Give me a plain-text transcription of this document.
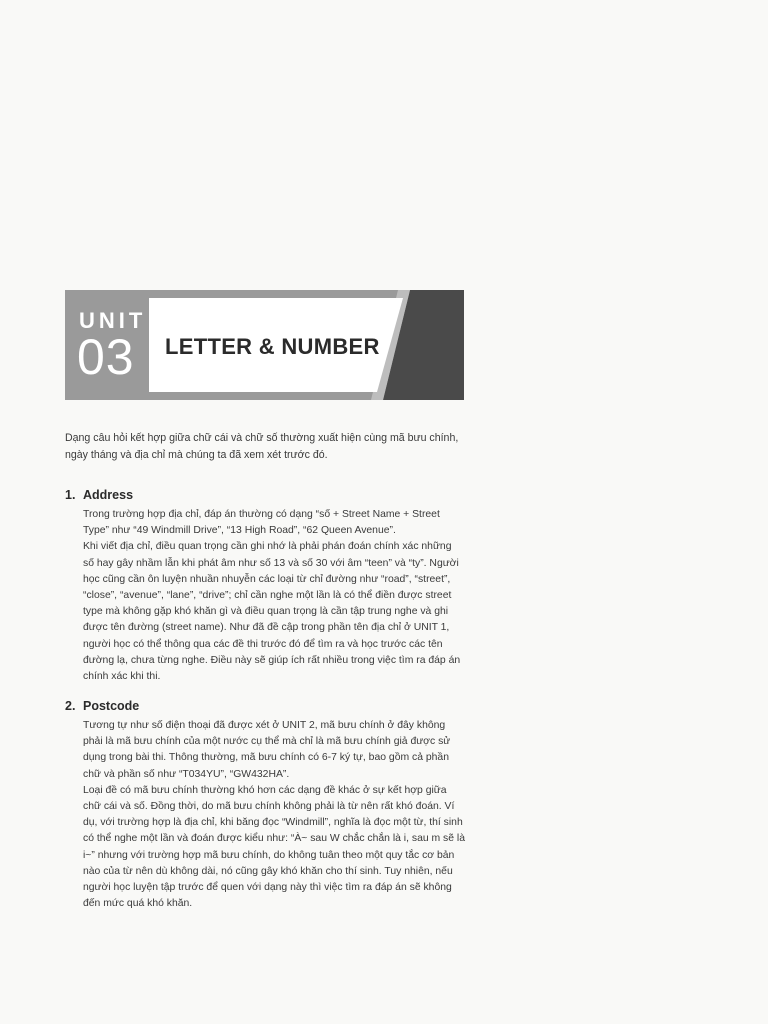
UNIT
03 LETTER & NUMBER

Dạng câu hỏi kết hợp giữa chữ cái và chữ số thường xuất hiện cùng mã bưu chính, ngày tháng và địa chỉ mà chúng ta đã xem xét trước đó.

1. Address

Trong trường hợp địa chỉ, đáp án thường có dạng “số + Street Name + Street Type” như “49 Windmill Drive”, “13 High Road”, “62 Queen Avenue”.

Khi viết địa chỉ, điều quan trọng cần ghi nhớ là phải phán đoán chính xác những số hay gây nhầm lẫn khi phát âm như số 13 và số 30 với âm “teen” và “ty”. Người học cũng cần ôn luyện nhuần nhuyễn các loại từ chỉ đường như “road”, “street”, “close”, “avenue”, “lane”, “drive”; chỉ cần nghe một lần là có thể điền được street type mà không gặp khó khăn gì và điều quan trọng là cần tập trung nghe và ghi được tên đường (street name). Như đã đề cập trong phần tên địa chỉ ở UNIT 1, người học có thể thông qua các đề thi trước đó để tìm ra và học trước các tên đường lạ, chưa từng nghe. Điều này sẽ giúp ích rất nhiều trong việc tìm ra đáp án chính xác khi thi.

2. Postcode

Tương tự như số điện thoại đã được xét ở UNIT 2, mã bưu chính ở đây không phải là mã bưu chính của một nước cụ thể mà chỉ là mã bưu chính giả được sử dụng trong bài thi. Thông thường, mã bưu chính có 6-7 ký tự, bao gồm cả phần chữ và phần số như “T034YU”, “GW432HA”.

Loại đề có mã bưu chính thường khó hơn các dạng đề khác ở sự kết hợp giữa chữ cái và số. Đồng thời, do mã bưu chính không phải là từ nên rất khó đoán. Ví dụ, với trường hợp là địa chỉ, khi băng đọc “Windmill”, nghĩa là đọc một từ, thí sinh có thể nghe một lần và đoán được kiểu như: “À~ sau W chắc chắn là i, sau m sẽ là i~” nhưng với trường hợp mã bưu chính, do không tuân theo một quy tắc cơ bản nào của từ nên dù không dài, nó cũng gây khó khăn cho thí sinh. Tuy nhiên, nếu người học luyện tập trước để quen với dạng này thì việc tìm ra đáp án sẽ không đến mức quá khó khăn.
